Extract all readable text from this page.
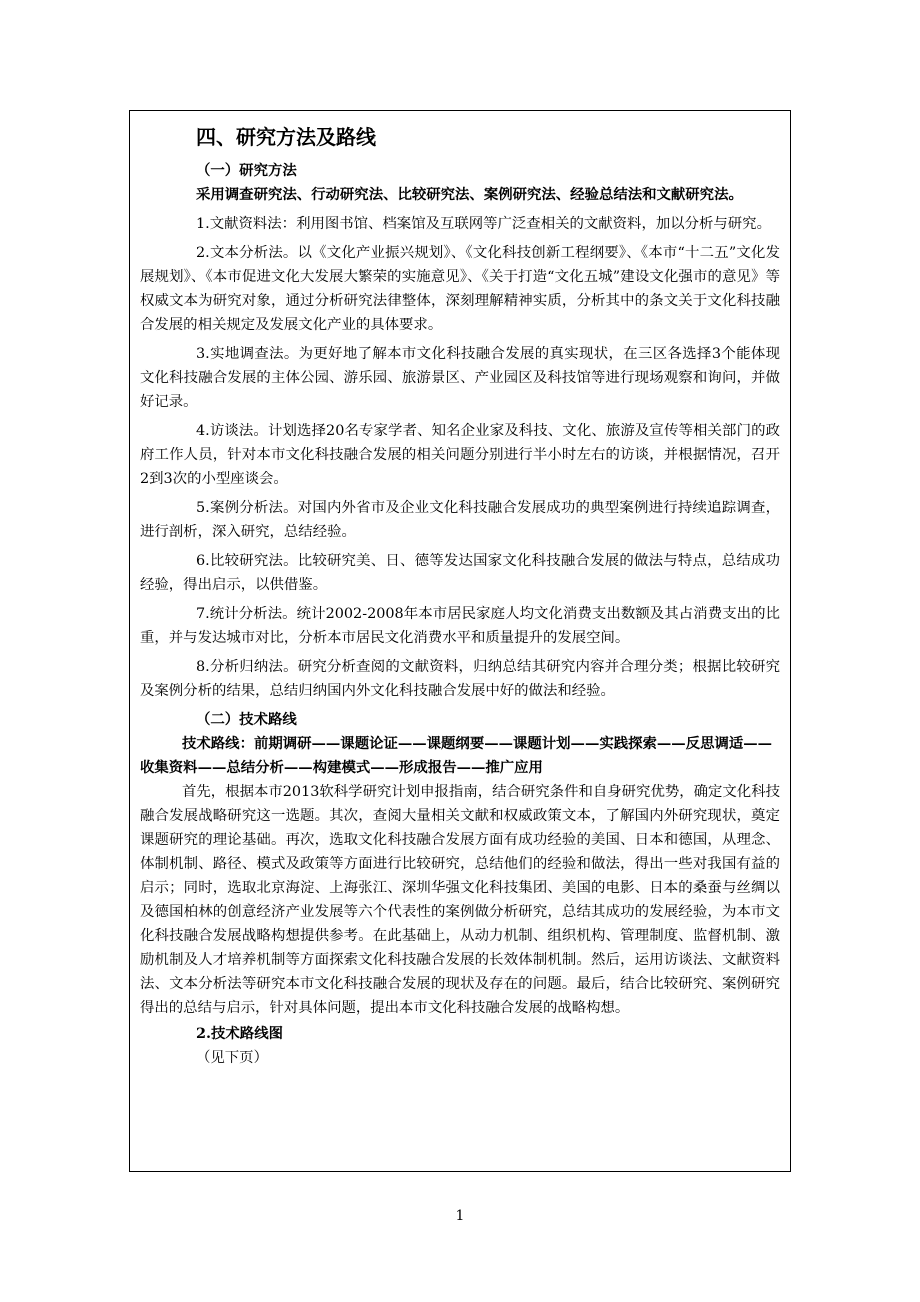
四、研究方法及路线
（一）研究方法

采用调查研究法、行动研究法、比较研究法、案例研究法、经验总结法和文献研究法。

1.文献资料法：利用图书馆、档案馆及互联网等广泛查相关的文献资料，加以分析与研究。

2.文本分析法。以《文化产业振兴规划》、《文化科技创新工程纲要》、《本市“十二五”文化发展规划》、《本市促进文化大发展大繁荣的实施意见》、《关于打造“文化五城”建设文化强市的意见》等权威文本为研究对象，通过分析研究法律整体，深刻理解精神实质，分析其中的条文关于文化科技融合发展的相关规定及发展文化产业的具体要求。

3.实地调查法。为更好地了解本市文化科技融合发展的真实现状，在三区各选择3个能体现文化科技融合发展的主体公园、游乐园、旅游景区、产业园区及科技馆等进行现场观察和询问，并做好记录。

4.访谈法。计划选择20名专家学者、知名企业家及科技、文化、旅游及宣传等相关部门的政府工作人员，针对本市文化科技融合发展的相关问题分别进行半小时左右的访谈，并根据情况，召开2到3次的小型座谈会。

5.案例分析法。对国内外省市及企业文化科技融合发展成功的典型案例进行持续追踪调查，进行剖析，深入研究，总结经验。

6.比较研究法。比较研究美、日、德等发达国家文化科技融合发展的做法与特点，总结成功经验，得出启示，以供借鉴。

7.统计分析法。统计2002-2008年本市居民家庭人均文化消费支出数额及其占消费支出的比重，并与发达城市对比，分析本市居民文化消费水平和质量提升的发展空间。

8.分析归纳法。研究分析查阅的文献资料，归纳总结其研究内容并合理分类；根据比较研究及案例分析的结果，总结归纳国内外文化科技融合发展中好的做法和经验。

（二）技术路线

技术路线：前期调研——课题论证——课题纲要——课题计划——实践探索——反思调适——收集资料——总结分析——构建模式——形成报告——推广应用

首先，根据本市2013软科学研究计划申报指南，结合研究条件和自身研究优势，确定文化科技融合发展战略研究这一选题。其次，查阅大量相关文献和权威政策文本，了解国内外研究现状，奠定课题研究的理论基础。再次，选取文化科技融合发展方面有成功经验的美国、日本和德国，从理念、体制机制、路径、模式及政策等方面进行比较研究，总结他们的经验和做法，得出一些对我国有益的启示；同时，选取北京海淀、上海张江、深圳华强文化科技集团、美国的电影、日本的桑蚕与丝绸以及德国柏林的创意经济产业发展等六个代表性的案例做分析研究，总结其成功的发展经验，为本市文化科技融合发展战略构想提供参考。在此基础上，从动力机制、组织机构、管理制度、监督机制、激励机制及人才培养机制等方面探索文化科技融合发展的长效体制机制。然后，运用访谈法、文献资料法、文本分析法等研究本市文化科技融合发展的现状及存在的问题。最后，结合比较研究、案例研究得出的总结与启示，针对具体问题，提出本市文化科技融合发展的战略构想。

2.技术路线图
（见下页）
1
